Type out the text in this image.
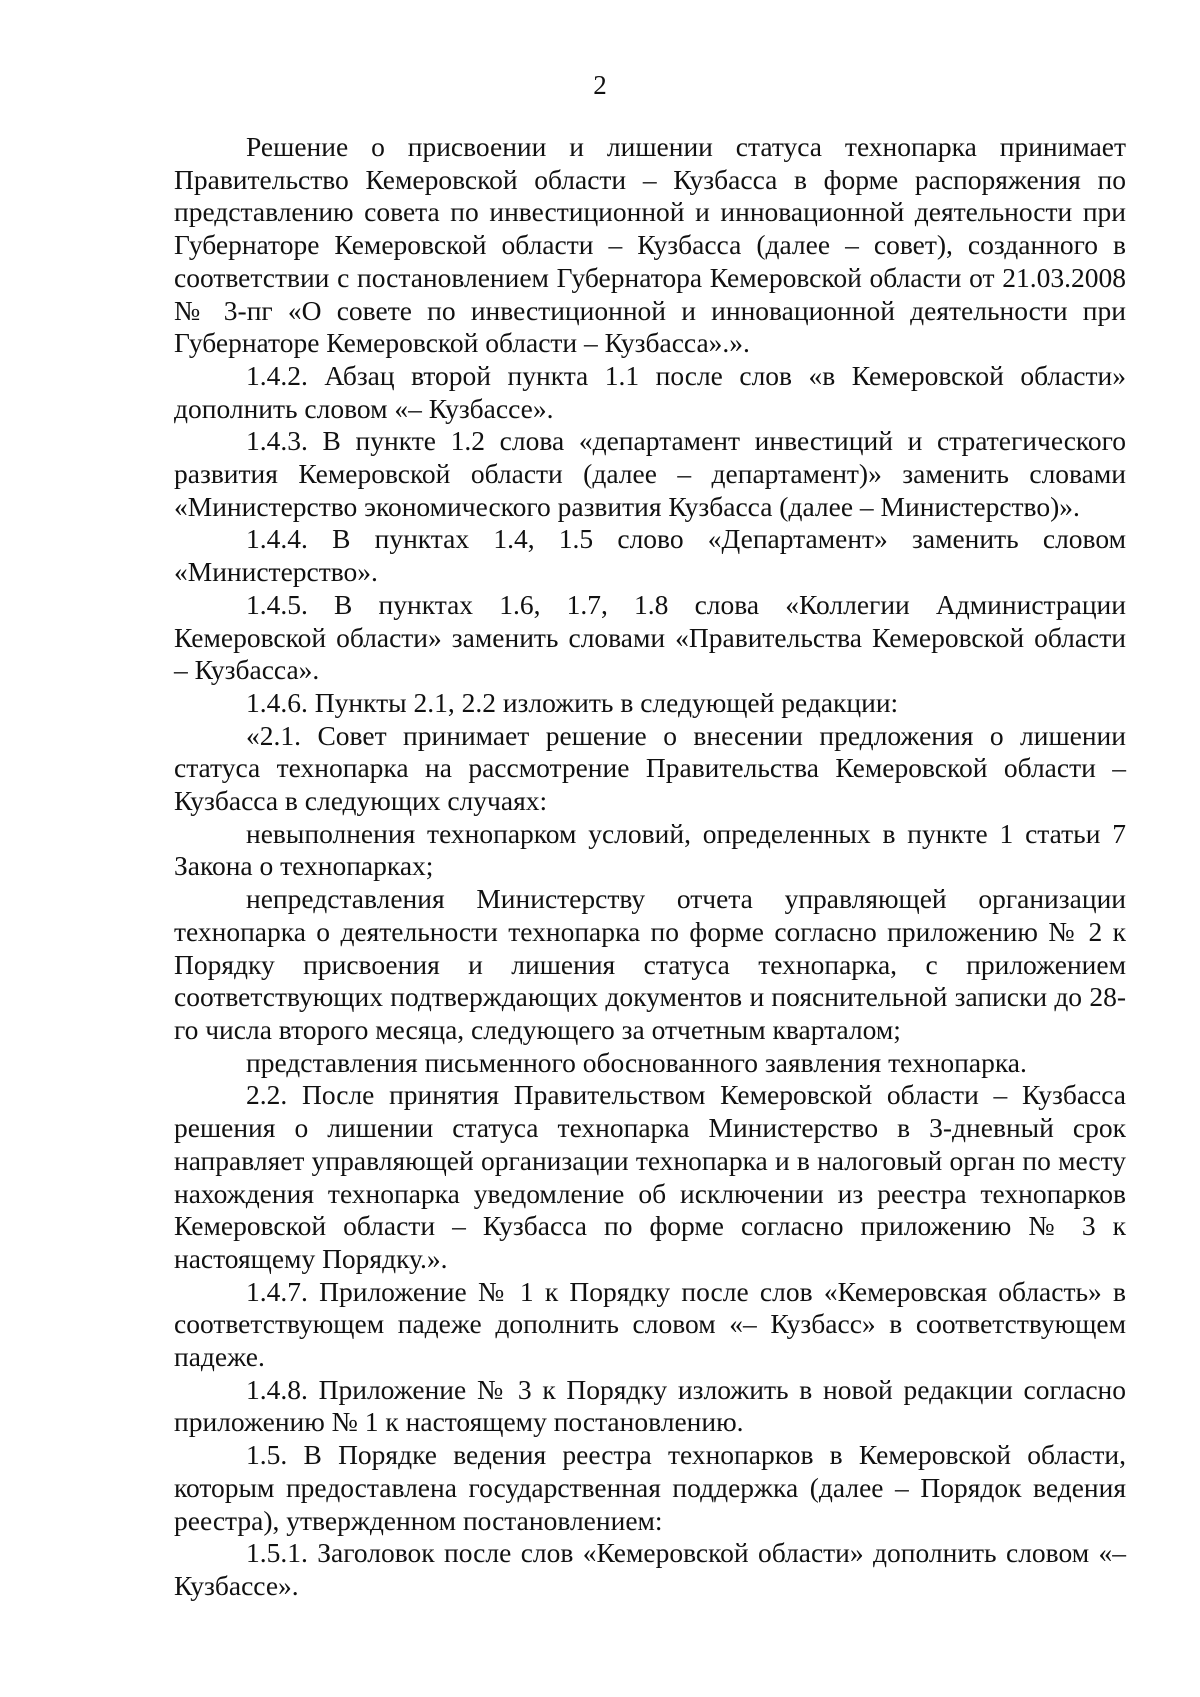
2

Решение о присвоении и лишении статуса технопарка принимает Правительство Кемеровской области – Кузбасса в форме распоряжения по представлению совета по инвестиционной и инновационной деятельности при Губернаторе Кемеровской области – Кузбасса (далее – совет), созданного в соответствии с постановлением Губернатора Кемеровской области от 21.03.2008 № 3-пг «О совете по инвестиционной и инновационной деятельности при Губернаторе Кемеровской области – Кузбасса».».

1.4.2. Абзац второй пункта 1.1 после слов «в Кемеровской области» дополнить словом «– Кузбассе».

1.4.3. В пункте 1.2 слова «департамент инвестиций и стратегического развития Кемеровской области (далее – департамент)» заменить словами «Министерство экономического развития Кузбасса (далее – Министерство)».

1.4.4. В пунктах 1.4, 1.5 слово «Департамент» заменить словом «Министерство».

1.4.5. В пунктах 1.6, 1.7, 1.8 слова «Коллегии Администрации Кемеровской области» заменить словами «Правительства Кемеровской области – Кузбасса».

1.4.6. Пункты 2.1, 2.2 изложить в следующей редакции:

«2.1. Совет принимает решение о внесении предложения о лишении статуса технопарка на рассмотрение Правительства Кемеровской области – Кузбасса в следующих случаях:

невыполнения технопарком условий, определенных в пункте 1 статьи 7 Закона о технопарках;

непредставления Министерству отчета управляющей организации технопарка о деятельности технопарка по форме согласно приложению № 2 к Порядку присвоения и лишения статуса технопарка, с приложением соответствующих подтверждающих документов и пояснительной записки до 28-го числа второго месяца, следующего за отчетным кварталом;

представления письменного обоснованного заявления технопарка.

2.2. После принятия Правительством Кемеровской области – Кузбасса решения о лишении статуса технопарка Министерство в 3-дневный срок направляет управляющей организации технопарка и в налоговый орган по месту нахождения технопарка уведомление об исключении из реестра технопарков Кемеровской области – Кузбасса по форме согласно приложению № 3 к настоящему Порядку.».

1.4.7. Приложение № 1 к Порядку после слов «Кемеровская область» в соответствующем падеже дополнить словом «– Кузбасс» в соответствующем падеже.

1.4.8. Приложение № 3 к Порядку изложить в новой редакции согласно приложению № 1 к настоящему постановлению.

1.5. В Порядке ведения реестра технопарков в Кемеровской области, которым предоставлена государственная поддержка (далее – Порядок ведения реестра), утвержденном постановлением:

1.5.1. Заголовок после слов «Кемеровской области» дополнить словом «– Кузбассе».
